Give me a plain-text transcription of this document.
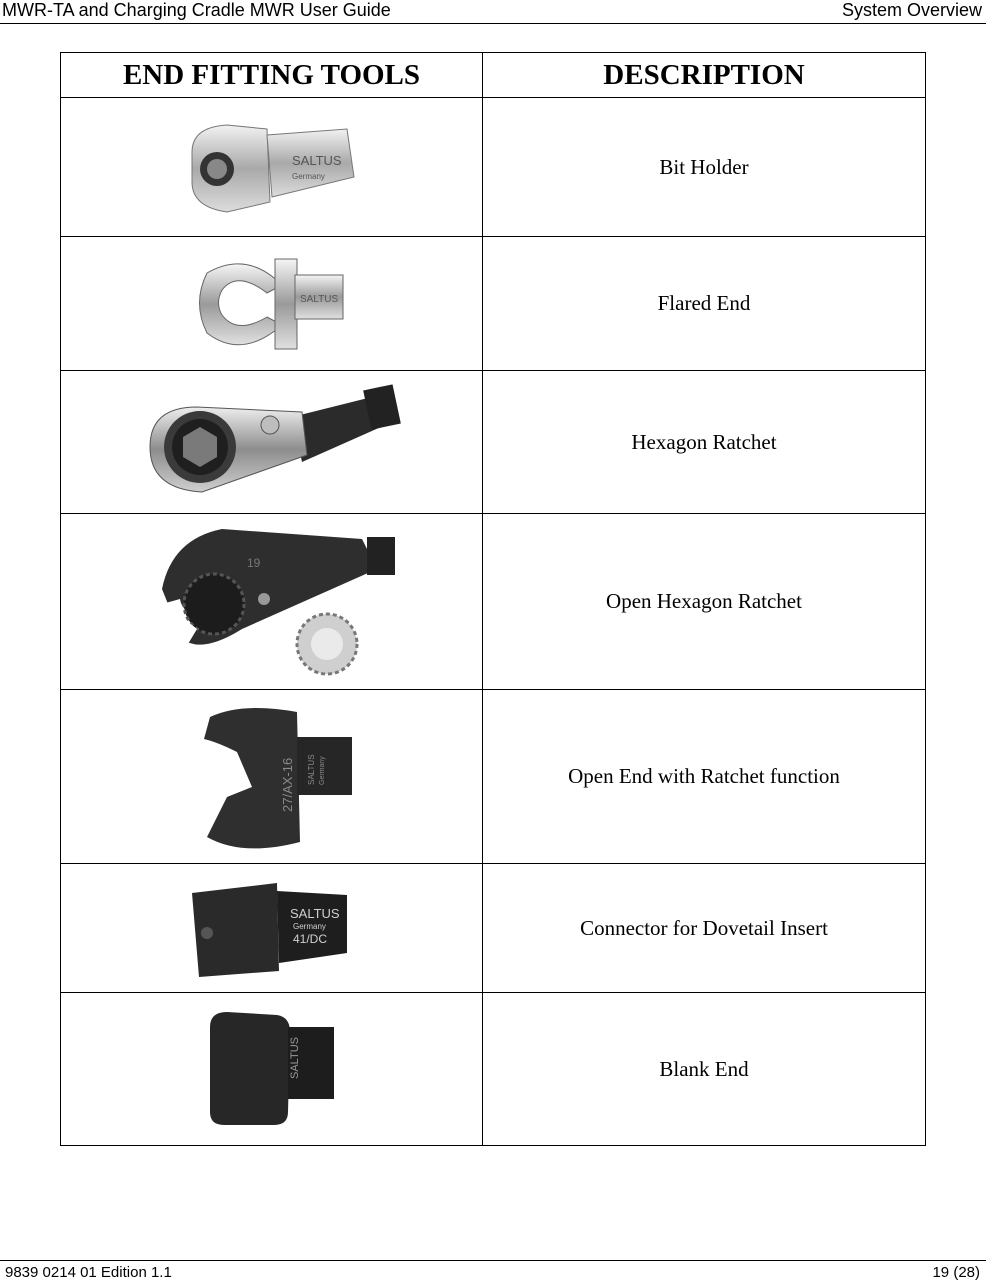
MWR-TA and Charging Cradle MWR User Guide	System Overview
END FITTING TOOLS	DESCRIPTION

SALTUS
Germany	Bit Holder

SALTUS	Flared End

	Hexagon Ratchet

19	Open Hexagon Ratchet

27/AX-16 SALTUS Germany	Open End with Ratchet function

SALTUS
Germany
41/DC	Connector for Dovetail Insert

SALTUS	Blank End
9839 0214 01 Edition 1.1	19 (28)
